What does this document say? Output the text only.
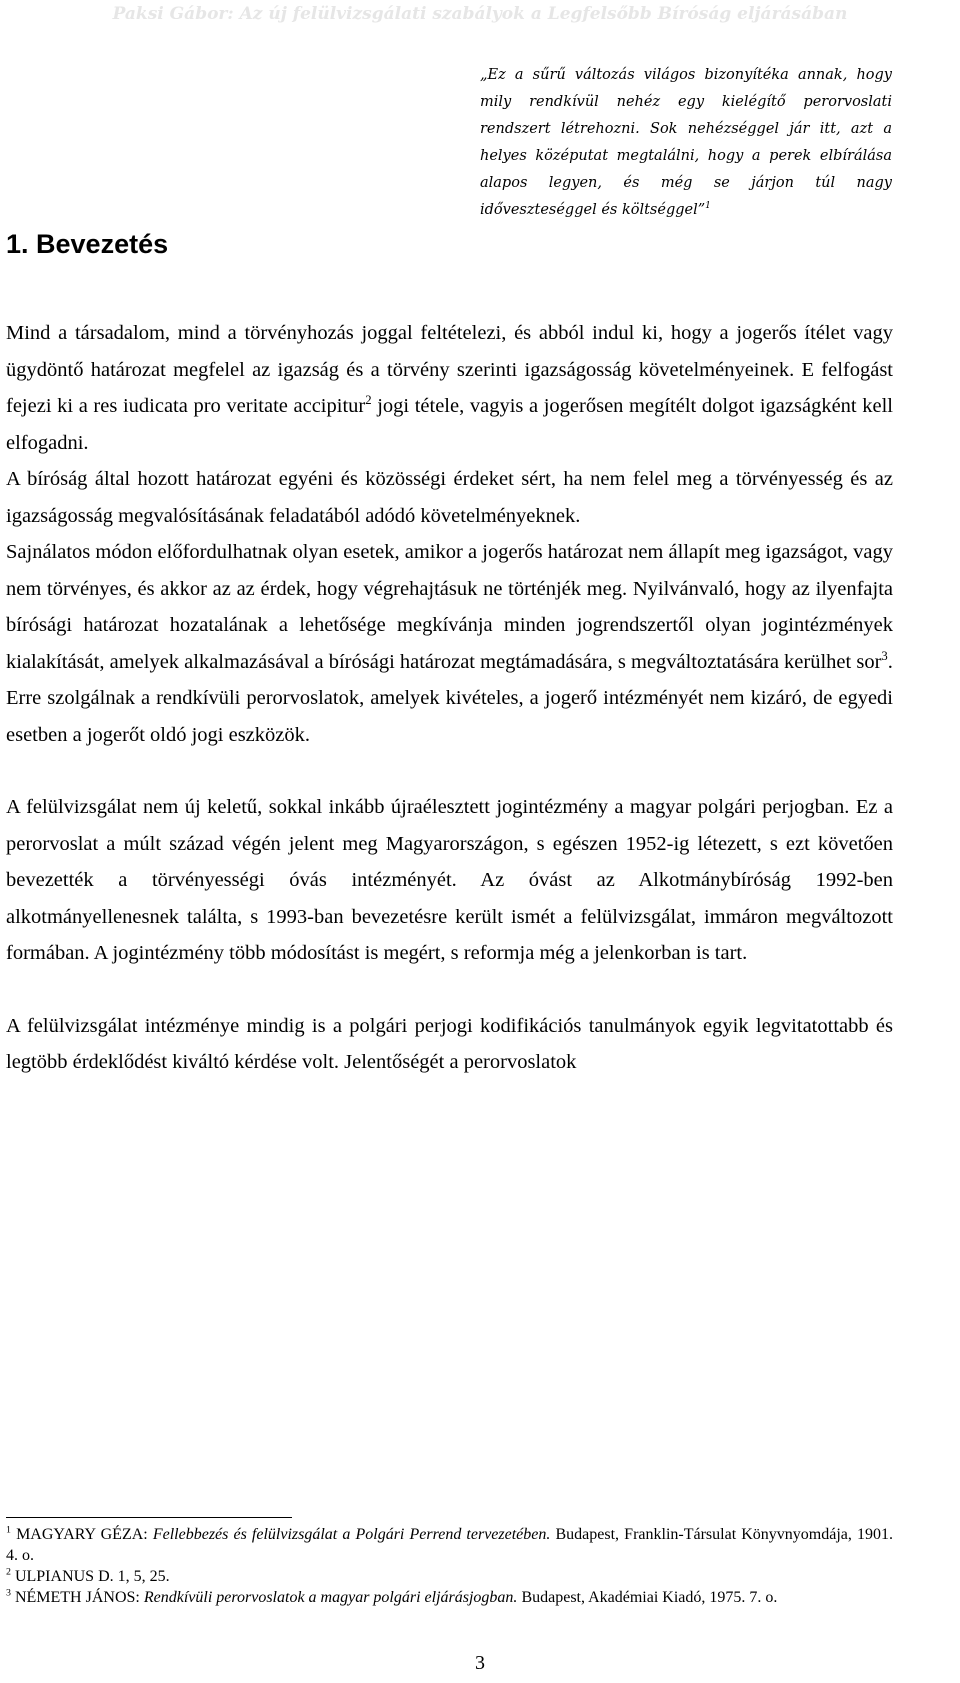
Paksi Gábor: Az új felülvizsgálati szabályok a Legfelsőbb Bíróság eljárásában
„Ez a sűrű változás világos bizonyítéka annak, hogy mily rendkívül nehéz egy kielégítő perorvoslati rendszert létrehozni. Sok nehézséggel jár itt, azt a helyes középutat megtalálni, hogy a perek elbírálása alapos legyen, és még se járjon túl nagy időveszteséggel és költséggel”$^1$
1. Bevezetés

Mind a társadalom, mind a törvényhozás joggal feltételezi, és abból indul ki, hogy a jogerős ítélet vagy ügydöntő határozat megfelel az igazság és a törvény szerinti igazságosság követelményeinek. E felfogást fejezi ki a res iudicata pro veritate accipitur$^2$ jogi tétele, vagyis a jogerősen megítélt dolgot igazságként kell elfogadni.

A bíróság által hozott határozat egyéni és közösségi érdeket sért, ha nem felel meg a törvényesség és az igazságosság megvalósításának feladatából adódó követelményeknek.

Sajnálatos módon előfordulhatnak olyan esetek, amikor a jogerős határozat nem állapít meg igazságot, vagy nem törvényes, és akkor az az érdek, hogy végrehajtásuk ne történjék meg. Nyilvánvaló, hogy az ilyenfajta bírósági határozat hozatalának a lehetősége megkívánja minden jogrendszertől olyan jogintézmények kialakítását, amelyek alkalmazásával a bírósági határozat megtámadására, s megváltoztatására kerülhet sor$^3$.

Erre szolgálnak a rendkívüli perorvoslatok, amelyek kivételes, a jogerő intézményét nem kizáró, de egyedi esetben a jogerőt oldó jogi eszközök.

A felülvizsgálat nem új keletű, sokkal inkább újraélesztett jogintézmény a magyar polgári perjogban. Ez a perorvoslat a múlt század végén jelent meg Magyarországon, s egészen 1952-ig létezett, s ezt követően bevezették a törvényességi óvás intézményét. Az óvást az Alkotmánybíróság 1992-ben alkotmányellenesnek találta, s 1993-ban bevezetésre került ismét a felülvizsgálat, immáron megváltozott formában. A jogintézmény több módosítást is megért, s reformja még a jelenkorban is tart.

A felülvizsgálat intézménye mindig is a polgári perjogi kodifikációs tanulmányok egyik legvitatottabb és legtöbb érdeklődést kiváltó kérdése volt. Jelentőségét a perorvoslatok

$^1$ MAGYARY GÉZA: Fellebbezés és felülvizsgálat a Polgári Perrend tervezetében. Budapest, Franklin-Társulat Könyvnyomdája, 1901. 4. o.

$^2$ ULPIANUS D. 1, 5, 25.

$^3$ NÉMETH JÁNOS: Rendkívüli perorvoslatok a magyar polgári eljárásjogban. Budapest, Akadémiai Kiadó, 1975. 7. o.

3
